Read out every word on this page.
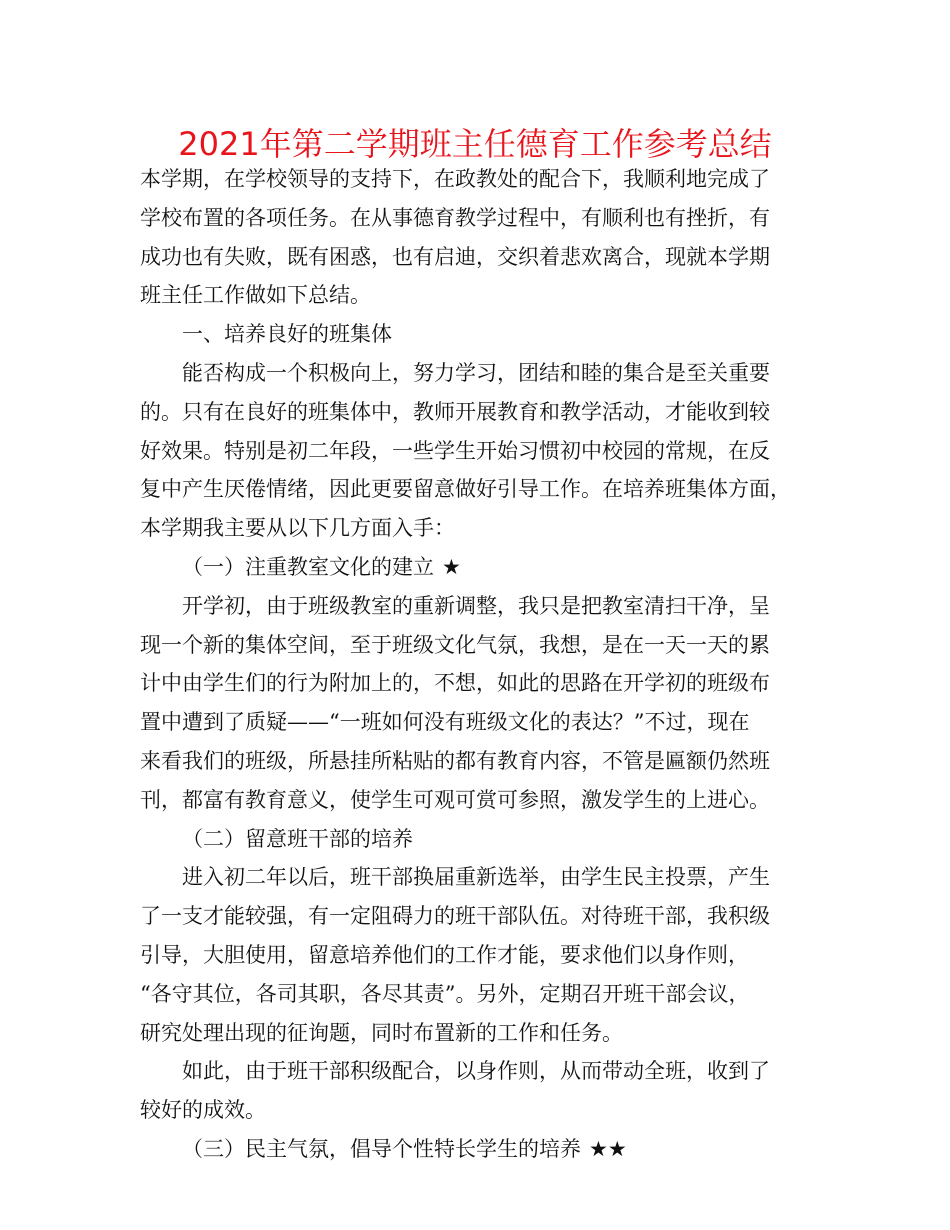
2021年第二学期班主任德育工作参考总结

本学期，在学校领导的支持下，在政教处的配合下，我顺利地完成了

学校布置的各项任务。在从事德育教学过程中，有顺利也有挫折，有

成功也有失败，既有困惑，也有启迪，交织着悲欢离合，现就本学期

班主任工作做如下总结。

一、培养良好的班集体

能否构成一个积极向上，努力学习，团结和睦的集合是至关重要

的。只有在良好的班集体中，教师开展教育和教学活动，才能收到较

好效果。特别是初二年段，一些学生开始习惯初中校园的常规，在反

复中产生厌倦情绪，因此更要留意做好引导工作。在培养班集体方面，

本学期我主要从以下几方面入手：

（一）注重教室文化的建立 ★

开学初，由于班级教室的重新调整，我只是把教室清扫干净，呈

现一个新的集体空间，至于班级文化气氛，我想，是在一天一天的累

计中由学生们的行为附加上的，不想，如此的思路在开学初的班级布

置中遭到了质疑——“一班如何没有班级文化的表达？”不过，现在

来看我们的班级，所悬挂所粘贴的都有教育内容，不管是匾额仍然班

刊，都富有教育意义，使学生可观可赏可参照，激发学生的上进心。

（二）留意班干部的培养

进入初二年以后，班干部换届重新选举，由学生民主投票，产生

了一支才能较强，有一定阻碍力的班干部队伍。对待班干部，我积级

引导，大胆使用，留意培养他们的工作才能，要求他们以身作则，

“各守其位，各司其职，各尽其责”。另外，定期召开班干部会议，

研究处理出现的征询题，同时布置新的工作和任务。

如此，由于班干部积级配合，以身作则，从而带动全班，收到了

较好的成效。

（三）民主气氛，倡导个性特长学生的培养 ★★
